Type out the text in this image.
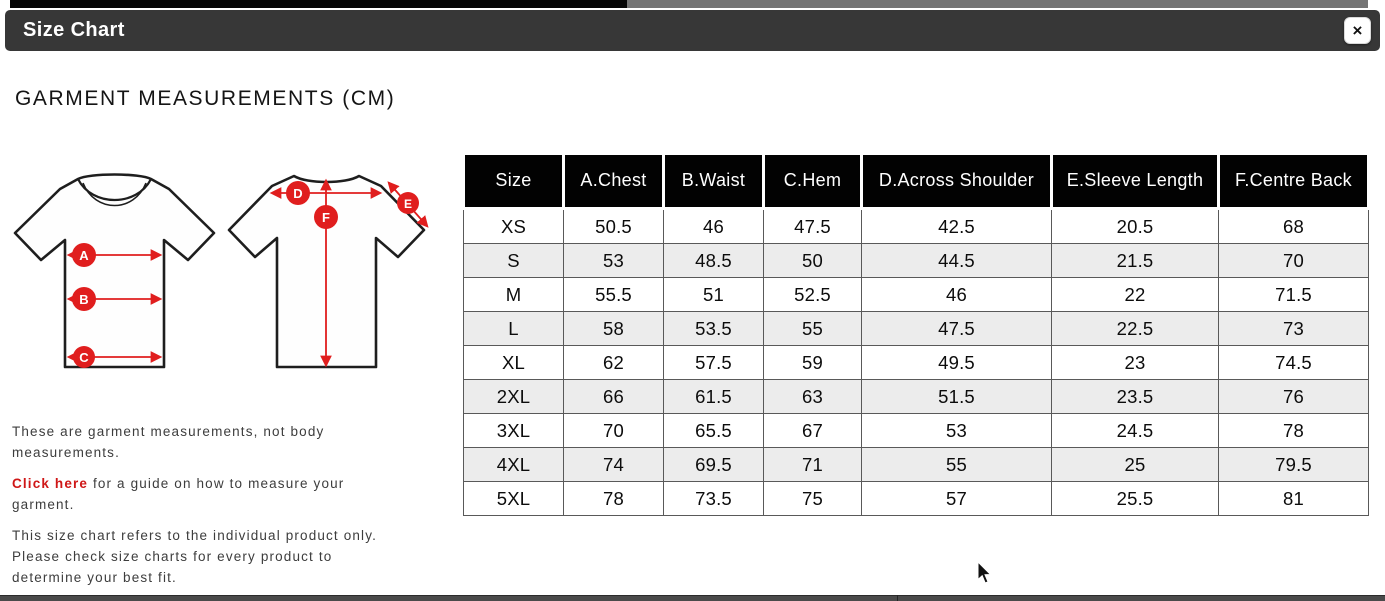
Size Chart	×
GARMENT MEASUREMENTS (CM)
A
B
C
D
E
F

These are garment measurements, not body
measurements.

Click here for a guide on how to measure your
garment.

This size chart refers to the individual product only.
Please check size charts for every product to
determine your best fit.

Size	A.Chest	B.Waist	C.Hem	D.Across Shoulder	E.Sleeve Length	F.Centre Back
XS	50.5	46	47.5	42.5	20.5	68
S	53	48.5	50	44.5	21.5	70
M	55.5	51	52.5	46	22	71.5
L	58	53.5	55	47.5	22.5	73
XL	62	57.5	59	49.5	23	74.5
2XL	66	61.5	63	51.5	23.5	76
3XL	70	65.5	67	53	24.5	78
4XL	74	69.5	71	55	25	79.5
5XL	78	73.5	75	57	25.5	81
